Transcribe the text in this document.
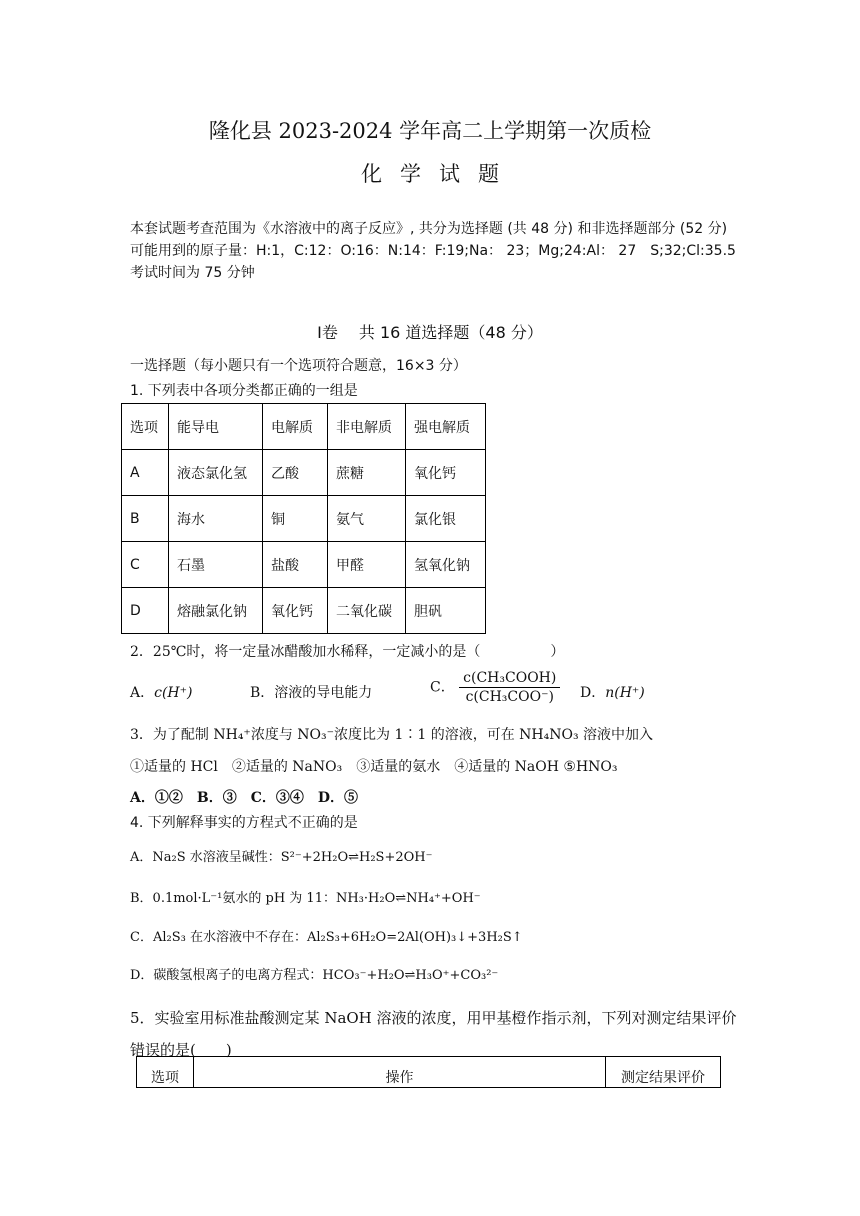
隆化县 2023-2024 学年高二上学期第一次质检
化学试题
本套试题考查范围为《水溶液中的离子反应》, 共分为选择题 (共 48 分) 和非选择题部分 (52 分)
可能用到的原子量：H:1，C:12：O:16：N:14：F:19;Na： 23；Mg;24:Al： 27　S;32;Cl:35.5
考试时间为 75 分钟
Ⅰ卷　 共 16 道选择题（48 分）
一选择题（每小题只有一个选项符合题意，16×3 分）
1. 下列表中各项分类都正确的一组是
选项	能导电	电解质	非电解质	强电解质
A	液态氯化氢	乙酸	蔗糖	氧化钙
B	海水	铜	氨气	氯化银
C	石墨	盐酸	甲醛	氢氧化钠
D	熔融氯化钠	氧化钙	二氧化碳	胆矾
2．25℃时，将一定量冰醋酸加水稀释，一定减小的是（　　　　　）
A．c(H⁺)	B．溶液的导电能力	C． $\frac{\text{c(CH₃COOH)}}{\text{c(CH₃COO⁻)}}$ D．n(H⁺)
3．为了配制 NH₄⁺浓度与 NO₃⁻浓度比为 1∶1 的溶液，可在 NH₄NO₃ 溶液中加入
①适量的 HCl　②适量的 NaNO₃　③适量的氨水　④适量的 NaOH ⑤HNO₃
A．①②　B．③　C．③④　D．⑤
4. 下列解释事实的方程式不正确的是
A．Na₂S 水溶液呈碱性：S²⁻+2H₂O⇌H₂S+2OH⁻
B．0.1mol·L⁻¹氨水的 pH 为 11：NH₃·H₂O⇌NH₄⁺+OH⁻
C．Al₂S₃ 在水溶液中不存在：Al₂S₃+6H₂O=2Al(OH)₃↓+3H₂S↑
D．碳酸氢根离子的电离方程式：HCO₃⁻+H₂O⇌H₃O⁺+CO₃²⁻
5．实验室用标准盐酸测定某 NaOH 溶液的浓度，用甲基橙作指示剂，下列对测定结果评价
错误的是(　　)
选项	操作	测定结果评价
